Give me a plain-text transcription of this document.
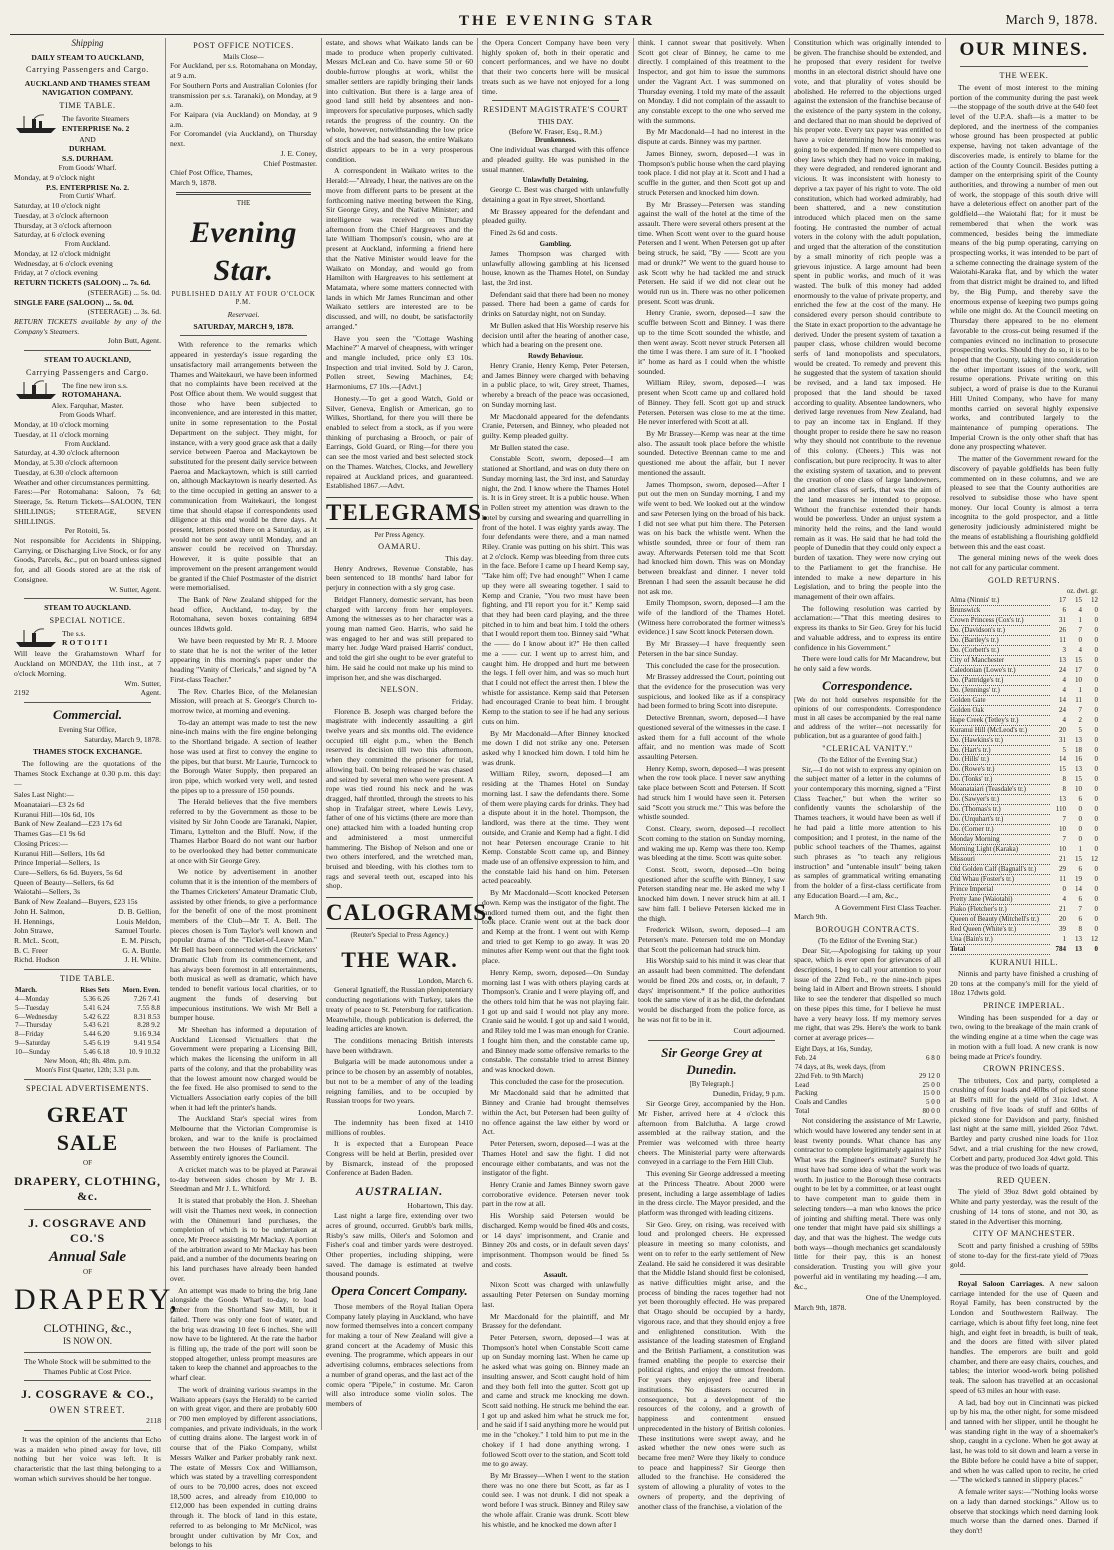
THE EVENING STAR	March 9, 1878.
Shipping
DAILY STEAM TO AUCKLAND,
Carrying Passengers and Cargo.
AUCKLAND AND THAMES STEAM NAVIGATION COMPANY.
TIME TABLE.
The favorite Steamers
ENTERPRISE No. 2
AND
DURHAM.
S.S. DURHAM.
From Goods' Wharf.
Monday, at 9 o'clock night
P.S. ENTERPRISE No. 2.
From Curtis' Wharf.
Saturday, at 10 o'clock night
Tuesday, at 3 o'clock afternoon
Thursday, at 3 o'clock afternoon
Saturday, at 6 o'clock evening
From Auckland.
Monday, at 12 o'clock midnight
Wednesday, at 6 o'clock evening
Friday, at 7 o'clock evening
RETURN TICKETS (SALOON) ... 7s. 6d.
(STEERAGE) ... 5s. 0d.
SINGLE FARE (SALOON) ... 5s. 0d.
(STEERAGE) ... 3s. 6d.
RETURN TICKETS available by any of the Company's Steamers.
John Butt, Agent.
STEAM TO AUCKLAND,
Carrying Passengers and Cargo.
The fine new iron s.s.
ROTOMAHANA.
Alex. Farquhar, Master.
From Goods Wharf.
Monday, at 10 o'clock morning
Tuesday, at 11 o'clock morning
From Auckland.
Saturday, at 4.30 o'clock afternoon
Monday, at 5.30 o'clock afternoon
Tuesday, at 6.30 o'clock afternoon
Weather and other circumstances permitting.
Fares:—Per Rotomahana: Saloon, 7s 6d; Steerage, 5s. Return Tickets—SALOON, TEN SHILLINGS; STEERAGE, SEVEN SHILLINGS.
Per Rotoiti, 5s.
Not responsible for Accidents in Shipping, Carrying, or Discharging Live Stock, or for any Goods, Parcels, &c., put on board unless signed for, and all Goods stored are at the risk of Consignee.
W. Sutter, Agent.
STEAM TO AUCKLAND.
SPECIAL NOTICE.
The s.s.
ROTOITI
Will leave the Grahamstown Wharf for Auckland on MONDAY, the 11th inst., at 7 o'clock Morning.
Wm. Sutter,
2192	Agent.
Commercial.
Evening Star Office,
Saturday, March 9, 1878.
THAMES STOCK EXCHANGE.

The following are the quotations of the Thames Stock Exchange at 0.30 p.m. this day:—

Sales Last Night:—
Moanataiari—£3 2s 6d
Kuranui Hill—10s 6d, 10s
Bank of New Zealand—£23 17s 6d
Thames Gas—£1 9s 6d
Closing Prices:—
Kuranui Hill—Sellers, 10s 6d
Prince Imperial—Sellers, 1s
Cure—Sellers, 6s 6d. Buyers, 5s 6d
Queen of Beauty—Sellers, 6s 6d
Waiotahi—Sellers, 3s
Bank of New Zealand—Buyers, £23 15s
John H. Salmon,	D. B. Gellion,
H. Hennings,	Louis Meldon,
John Strawe,	Samuel Tourle.
R. McL. Scott,	E. M. Pirsch,
B. C. Freer	G. A. Buttle.
Richd. Hudson	J. H. White.
TIDE TABLE.
March.	Rises Sets	Morn. Even.
4—Monday	5.36 6.26	7.26 7.41
5—Tuesday	5.41 6.24	7.55 8.8
6—Wednesday	5.42 6.22	8.31 8.53
7—Thursday	5.43 6.21	8.28 9.2
8—Friday	5.44 6.20	9.16 9.34
9—Saturday	5.45 6.19	9.41 9.54
10—Sunday	5.46 6.18	10. 9 10.32
New Moon, 4th; 8h. 48m. p.m.
Moon's First Quarter, 12th; 3.31 p.m.
SPECIAL ADVERTISEMENTS.
GREAT SALE
OF
DRAPERY, CLOTHING, &c.
J. COSGRAVE AND CO.'S
Annual Sale
OF
DRAPERY,
CLOTHING, &c.,
IS NOW ON.
The Whole Stock will be submitted to the Thames Public at Cost Price.
J. COSGRAVE & CO.,
OWEN STREET.
2118

It was the opinion of the ancients that Echo was a maiden who pined away for love, till nothing but her voice was left. It is characteristic that the last thing belonging to a woman which survives should be her tongue.

POST OFFICE NOTICES.
Mails Close—
For Auckland, per s.s. Rotomahana on Monday, at 9 a.m.
For Southern Ports and Australian Colonies (for transmission per s.s. Taranaki), on Monday, at 9 a.m.
For Kaipara (via Auckland) on Monday, at 9 a.m.
For Coromandel (via Auckland), on Thursday next.
J. E. Coney,
Chief Postmaster.
Chief Post Office, Thames,
March 9, 1878.
THE
Evening Star.
PUBLISHED DAILY AT FOUR O'CLOCK P.M.
Reservaei.
SATURDAY, MARCH 9, 1878.

With reference to the remarks which appeared in yesterday's issue regarding the unsatisfactory mail arrangements between the Thames and Waitekauri, we have been informed that no complaints have been received at the Post Office about them. We would suggest that those who have been subjected to inconvenience, and are interested in this matter, unite in some representation to the Postal Department on the subject. They might, for instance, with a very good grace ask that a daily service between Paeroa and Mackaytown be substituted for the present daily service between Paeroa and Mackaytown, which is still carried on, although Mackaytown is nearly deserted. As to the time occupied in getting an answer to a communication from Waitekauri, the longest time that should elapse if correspondents used diligence at this end would be three days. At present, letters posted there on a Saturday, as it would not be sent away until Monday, and an answer could be received on Thursday. However, it is quite possible that an improvement on the present arrangement would be granted if the Chief Postmaster of the district were memorialised.

The Bank of New Zealand shipped for the head office, Auckland, to-day, by the Rotomahana, seven boxes containing 6894 ounces 18dwts gold.

We have been requested by Mr R. J. Moore to state that he is not the writer of the letter appearing in this morning's paper under the heading "Vanity of Clericals," and signed by "A First-class Teacher."

The Rev. Charles Bice, of the Melanesian Mission, will preach at S. George's Church to-morrow twice, at morning and evening.

To-day an attempt was made to test the new nine-inch mains with the fire engine belonging to the Shortland brigade. A section of leather hose was used at first to convey the engine to the pipes, but that burst. Mr Laurie, Turncock to the Borough Water Supply, then prepared an iron pipe, which worked very well, and tested the pipes up to a pressure of 150 pounds.

The Herald believes that the five members referred to by the Government as those to be visited by Sir John Coode are Taranaki, Napier, Timaru, Lyttelton and the Bluff. Now, if the Thames Harbor Board do not want our harbor to be overlooked they had better communicate at once with Sir George Grey.

We notice by advertisement in another column that it is the intention of the members of the Thames Cricketers' Amateur Dramatic Club, assisted by other friends, to give a performance for the benefit of one of the most prominent members of the Club—Mr T. A. Bell. The pieces chosen is Tom Taylor's well known and popular drama of the "Ticket-of-Leave Man." Mr Bell has been connected with the Cricketers' Dramatic Club from its commencement, and has always been foremost in all entertainments, both musical as well as dramatic, which have tended to benefit various local charities, or to augment the funds of deserving but impecunious institutions. We wish Mr Bell a bumper house.

Mr Sheehan has informed a deputation of Auckland Licensed Victuallers that the Government were preparing a Licensing Bill, which makes the licensing the uniform in all parts of the colony, and that the probability was that the lowest amount now charged would be the fee fixed. He also promised to send to the Victuallers Association early copies of the bill when it had left the printer's hands.

The Auckland Star's special wires from Melbourne that the Victorian Compromise is broken, and war to the knife is proclaimed between the two Houses of Parliament. The Assembly entirely ignores the Council.

A cricket match was to be played at Parawai to-day between sides chosen by Mr J. B. Steedman and Mr J. L. Whitford.

It is stated that probably the Hon. J. Sheehan will visit the Thames next week, in connection with the Ohinemuri land purchases, the completion of which is to be undertaken at once, Mr Preece assisting Mr Mackay. A portion of the arbitration award to Mr Mackay has been paid, and a number of the documents bearing on his land purchases have already been handed over.

An attempt was made to bring the brig Jane alongside the Goods Wharf to-day, to load timber from the Shortland Saw Mill, but it failed. There was only one foot of water, and the brig was drawing 10 feet 6 inches. She will now have to be lightered. At the rate the harbor is filling up, the trade of the port will soon be stopped altogether, unless prompt measures are taken to keep the channel and approaches to the wharf clear.

The work of draining various swamps in the Waikato appears (says the Herald) to be carried on with great vigor, and there are probably 600 or 700 men employed by different associations, companies, and private individuals, in the work of cutting drains alone. The largest work in of course that of the Piako Company, whilst Messrs Walker and Parker probably rank next. The estate of Messrs Cox and Williamson, which was stated by a travelling correspondent of ours to be 70,000 acres, does not exceed 18,500 acres, and already from £10,000 to £12,000 has been expended in cutting drains through it. The block of land in this estate, referred to as belonging to Mr McNicol, was brought under cultivation by Mr Cox, and belongs to his

estate, and shows what Waikato lands can be made to produce when properly cultivated. Messrs McLean and Co. have some 50 or 60 double-furrow ploughs at work, whilst the smaller settlers are rapidly bringing their lands into cultivation. But there is a large area of good land still held by absentees and non-improvers for speculative purposes, which sadly retards the progress of the country. On the whole, however, notwithstanding the low price of stock and the bad season, the entire Waikato district appears to be in a very prosperous condition.

A correspondent in Waikato writes to the Herald:—"Already, I hear, the natives are on the move from different parts to be present at the forthcoming native meeting between the King, Sir George Grey, and the Native Minister; and intelligence was received on Thursday afternoon from the Chief Hargreaves and the late William Thompson's cousin, who are at present at Auckland, informing a friend here that the Native Minister would leave for the Waikato on Monday, and would go from Hamilton with Hargreaves to his settlement at Matamata, where some matters connected with lands in which Mr James Runciman and other Waikato settlers are interested are to be discussed, and will, no doubt, be satisfactorily arranged."

Have you seen the "Cottage Washing Machine?" A marvel of cheapness, with wringer and mangle included, price only £3 10s. Inspection and trial invited. Sold by J. Caron, Pollen street, Sewing Machines, £4; Harmoniums, £7 10s.—[Advt.]

Honesty.—To get a good Watch, Gold or Silver, Geneva, English or American, go to Wilkes, Shortland, for there you will there be enabled to select from a stock, as if you were thinking of purchasing a Brooch, or pair of Earrings, Gold Guard, or Ring—for there you can see the most varied and best selected stock on the Thames. Watches, Clocks, and Jewellery repaired at Auckland prices, and guaranteed. Established 1867.—Advt.

TELEGRAMS.
Per Press Agency.
OAMARU.
This day.

Henry Andrews, Revenue Constable, has been sentenced to 18 months' hard labor for perjury in connection with a sly grog case.

Bridget Flannery, domestic servant, has been charged with larceny from her employers. Among the witnesses as to her character was a young man named Geo. Harris, who said he was engaged to her and was still prepared to marry her. Judge Ward praised Harris' conduct, and told the girl she ought to be ever grateful to him. He said he could not make up his mind to imprison her, and she was discharged.

NELSON.
Friday.

Florence B. Joseph was charged before the magistrate with indecently assaulting a girl twelve years and six months old. The evidence occupied till eight p.m., when the Bench reserved its decision till two this afternoon, when they committed the prisoner for trial, allowing bail. On being released he was chased and seized by several men who were present. A rope was tied round his neck and he was dragged, half throttled, through the streets to his shop in Trafalgar street, where Lewis Levy, father of one of his victims (there are more than one) attacked him with a loaded hunting crop and administered a most unmerciful hammering. The Bishop of Nelson and one or two others interfered, and the wretched man, bruised and bleeding, with his clothes torn to rags and several teeth out, escaped into his shop.

CALOGRAMS.
(Reuter's Special to Press Agency.)
THE WAR.
London, March 6.

General Ignatieff, the Russian plenipotentiary conducting negotiations with Turkey, takes the treaty of peace to St. Petersburg for ratification. Meanwhile, though publication is deferred, the leading articles are known.

The conditions menacing British interests have been withdrawn.

Bulgaria will be made autonomous under a prince to be chosen by an assembly of notables, but not to be a member of any of the leading reigning families, and to be occupied by Russian troops for two years.

London, March 7.

The indemnity has been fixed at 1410 millions of roubles.

It is expected that a European Peace Congress will be held at Berlin, presided over by Bismarck, instead of the proposed Conference at Baden Baden.

AUSTRALIAN.
Hobartown, This day.

Last night a large fire, extending over two acres of ground, occurred. Grubb's bark mills, Risby's saw mills, Oiler's and Solomon and Fisher's coal and timber yards were destroyed. Other properties, including shipping, were saved. The damage is estimated at twelve thousand pounds.

Opera Concert Company.

Those members of the Royal Italian Opera Company lately playing in Auckland, who have now formed themselves into a concert company for making a tour of New Zealand will give a grand concert at the Academy of Music this evening. The programme, which appears in our advertising columns, embraces selections from a number of grand operas, and the last act of the comic opera "Pipele," in costume. Mr. Caron will also introduce some violin solos. The members of

the Opera Concert Company have been very highly spoken of, both in their operatic and concert performances, and we have no doubt that their two concerts here will be musical treats such as we have not enjoyed for a long time.

RESIDENT MAGISTRATE'S COURT
THIS DAY.
(Before W. Fraser, Esq., R.M.)
Drunkenness.

One individual was charged with this offence and pleaded guilty. He was punished in the usual manner.

Unlawfully Detaining.

George C. Best was charged with unlawfully detaining a goat in Rye street, Shortland.

Mr Brassey appeared for the defendant and pleaded guilty.

Fined 2s 6d and costs.

Gambling.

James Thompson was charged with unlawfully allowing gambling at his licensed house, known as the Thames Hotel, on Sunday last, the 3rd inst.

Defendant said that there had been no money passed. There had been a game of cards for drinks on Saturday night, not on Sunday.

Mr Bullen asked that His Worship reserve his decision until after the hearing of another case, which had a bearing on the present one.

Rowdy Behaviour.

Henry Cranie, Henry Kemp, Peter Petersen, and James Binney were charged with behaving in a public place, to wit, Grey street, Thames, whereby a breach of the peace was occasioned, on Sunday morning last.

Mr Macdonald appeared for the defendants Cranie, Petersen, and Binney, who pleaded not guilty. Kemp pleaded guilty.

Mr Bullen stated the case.

Constable Scott, sworn, deposed—I am stationed at Shortland, and was on duty there on Sunday morning last, the 3rd inst, and Saturday night, the 2nd. I know where the Thames Hotel is. It is in Grey street. It is a public house. When in Pollen street my attention was drawn to the hotel by cursing and swearing and quarrelling in front of the hotel. I was eighty yards away. The four defendants were there, and a man named Riley. Cranie was putting on his shirt. This was at 2 o'clock. Kemp was bleeding from three cuts in the face. Before I came up I heard Kemp say, "Take him off; I've had enough!" When I came up they were all swearing together. I said to Kemp and Cranie, "You two must have been fighting, and I'll report you for it." Kemp said that they had been card playing, and the three pitched in to him and beat him. I told the others that I would report them too. Binney said "What the —— do I know about it?" He then called me a —— cur. I went up to arrest him, and caught him. He dropped and hurt me between the legs. I fell over him, and was so much hurt that I could not effect the arrest then. I blew the whistle for assistance. Kemp said that Petersen had encouraged Cranie to beat him. I brought Kemp to the station to see if he had any serious cuts on him.

By Mr Macdonald—After Binney knocked me down I did not strike any one. Petersen asked why I knocked him down. I told him he was drunk.

William Riley, sworn, deposed—I am residing at the Thames Hotel on Sunday morning last. I saw the defendants there. Some of them were playing cards for drinks. They had a dispute about it in the hotel. Thompson, the landlord, was there at the time. They went outside, and Cranie and Kemp had a fight. I did not hear Petersen encourage Cranie to hit Kemp. Constable Scott came up, and Binney made use of an offensive expression to him, and the constable laid his hand on him. Petersen acted peaceably.

By Mr Macdonald—Scott knocked Petersen down. Kemp was the instigator of the fight. The landlord turned them out, and the fight then took place. Cranie went out at the back door and Kemp at the front. I went out with Kemp and tried to get Kemp to go away. It was 20 minutes after Kemp went out that the fight took place.

Henry Kemp, sworn, deposed—On Sunday morning last I was with others playing cards at Thompson's. Cranie and I were playing off, and the others told him that he was not playing fair. I got up and said I would not play any more. Cranie said he would. I got up and said I would, and Riley told me I was man enough for Cranie. I fought him then, and the constable came up, and Binney made some offensive remarks to the constable. The constable tried to arrest Binney and was knocked down.

This concluded the case for the prosecution.

Mr Macdonald said that he admitted that Binney and Cranie had brought themselves within the Act, but Petersen had been guilty of no offence against the law either by word or Act.

Peter Petersen, sworn, deposed—I was at the Thames Hotel and saw the fight. I did not encourage either combatants, and was not the instigator of the fight.

Henry Cranie and James Binney sworn gave corroborative evidence. Petersen never took part in the row at all.

His Worship said Petersen would be discharged. Kemp would be fined 40s and costs, or 14 days' imprisonment, and Cranie and Binney 20s and costs, or in default seven days' imprisonment. Thompson would be fined 5s and costs.

Assault.

Nixon Scott was charged with unlawfully assaulting Peter Petersen on Sunday morning last.

Mr Macdonald for the plaintiff, and Mr Brassey for the defendant.

Peter Petersen, sworn, deposed—I was at Thompson's hotel when Constable Scott came up on Sunday morning last. When he came up he asked what was going on. Binney made an insulting answer, and Scott caught hold of him and they both fell into the gutter. Scott got up and came and struck me knocking me down. Scott said nothing. He struck me behind the ear. I got up and asked him what he struck me for, and he said if I said anything more he would put me in the "chokey." I told him to put me in the chokey if I had done anything wrong. I followed Scott over to the station, and Scott told me to go away.

By Mr Brassey—When I went to the station there was no one there but Scott, as far as I could see. I was not drunk. I did not speak a word before I was struck. Binney and Riley saw the whole affair. Cranie was drunk. Scott blew his whistle, and he knocked me down after I

think. I cannot swear that positively. When Scott got clear of Binney, he came to me directly. I complained of this treatment to the Inspector, and got him to issue the summons under the Vagrant Act. I was summoned on Thursday evening. I told my mate of the assault on Monday. I did not complain of the assault to any constable except to the one who served me with the summons.

By Mr Macdonald—I had no interest in the dispute at cards. Binney was my partner.

James Binney, sworn, deposed—I was in Thompson's public house when the card playing took place. I did not play at it. Scott and I had a scuffle in the gutter, and then Scott got up and struck Petersen and knocked him down.

By Mr Brassey—Petersen was standing against the wall of the hotel at the time of the assault. There were several others present at the time. When Scott went over to the guard house Petersen and I went. When Petersen got up after being struck, he said, "By —— Scott are you mad or drunk?" We went to the guard house to ask Scott why he had tackled me and struck Petersen. He said if we did not clear out he would run us in. There was no other policemen present. Scott was drunk.

Henry Cranie, sworn, deposed—I saw the scuffle between Scott and Binney. I was there up to the time Scott sounded the whistle, and then went away. Scott never struck Petersen all the time I was there. I am sure of it. I "hooked it" home as hard as I could when the whistle sounded.

William Riley, sworn, deposed—I was present when Scott came up and collared hold of Binney. They fell. Scott got up and struck Petersen. Petersen was close to me at the time. He never interfered with Scott at all.

By Mr Brassey—Kemp was near at the time also. The assault took place before the whistle sounded. Detective Brennan came to me and questioned me about the affair, but I never mentioned the assault.

James Thompson, sworn, deposed—After I put out the men on Sunday morning, I and my wife went to bed. We looked out at the window and saw Petersen lying on the broad of his back. I did not see what put him there. The Petersen was on his back the whistle went. When the whistle sounded, three or four of them ran away. Afterwards Petersen told me that Scott had knocked him down. This was on Monday between breakfast and dinner. I never told Brennan I had seen the assault because he did not ask me.

Emily Thompson, sworn, deposed—I am the wife of the landlord of the Thames Hotel. (Witness here corroborated the former witness's evidence.) I saw Scott knock Petersen down.

By Mr Brassey—I have frequently seen Petersen in the bar since Sunday.

This concluded the case for the prosecution.

Mr Brassey addressed the Court, pointing out that the evidence for the prosecution was very suspicious, and looked like as if a conspiracy had been formed to bring Scott into disrepute.

Detective Brennan, sworn, deposed—I have questioned several of the witnesses in the case. I asked them for a full account of the whole affair, and no mention was made of Scott assaulting Petersen.

Henry Kemp, sworn, deposed—I was present when the row took place. I never saw anything take place between Scott and Petersen. If Scott had struck him I would have seen it. Petersen said "Scott you struck me." This was before the whistle sounded.

Const. Cleary, sworn, deposed—I recollect Scott coming to the station on Sunday morning, and waking me up. Kemp was there too. Kemp was bleeding at the time. Scott was quite sober.

Const. Scott, sworn, deposed—On being questioned after the scuffle with Binney, I saw Petersen standing near me. He asked me why I knocked him down. I never struck him at all. I saw him fall. I believe Petersen kicked me in the thigh.

Frederick Wilson, sworn, deposed—I am Petersen's mate. Petersen told me on Monday that Scott the policeman had struck him.

His Worship said to his mind it was clear that an assault had been committed. The defendant would be fined 20s and costs, or, in default, 7 days' imprisonment.* If the police authorities took the same view of it as he did, the defendant would be discharged from the police force, as he was not fit to be in it.

Court adjourned.
Sir George Grey at Dunedin.
[By Telegraph.]
Dunedin, Friday, 9 p.m.

Sir George Grey, accompanied by the Hon. Mr Fisher, arrived here at 4 o'clock this afternoon from Balclutha. A large crowd assembled at the railway station, and the Premier was welcomed with three hearty cheers. The Ministerial party were afterwards conveyed in a carriage to the Fern Hill Club.

This evening Sir George addressed a meeting at the Princess Theatre. About 2000 were present, including a large assemblage of ladies in the dress circle. The Mayor presided, and the platform was thronged with leading citizens.

Sir Geo. Grey, on rising, was received with loud and prolonged cheers. He expressed pleasure in meeting so many colonists, and went on to refer to the early settlement of New Zealand. He said he considered it was desirable that the Middle Island should first be colonised, as native difficulties might arise, and the process of binding the races together had not yet been thoroughly effected. He was prepared that Otago should be occupied by a hardy, vigorous race, and that they should enjoy a free and enlightened constitution. With the assistance of the leading statesmen of England and the British Parliament, a constitution was framed enabling the people to exercise their political rights, and enjoy the utmost freedom. For years they enjoyed free and liberal institutions. No disasters occurred in consequence, but a development of the resources of the colony, and a growth of happiness and contentment ensued unprecedented in the history of British colonies. These institutions were swept away, and he asked whether the new ones were such as became free men? Were they likely to conduce to peace and happiness? Sir George then alluded to the franchise. He considered the system of allowing a plurality of votes to the owners of property, and the depriving of another class of the franchise, a violation of the

Constitution which was originally intended to be given. The franchise should be extended, and he proposed that every resident for twelve months in an electoral district should have one vote, and that plurality of votes should be abolished. He referred to the objections urged against the extension of the franchise because of the existence of the party system in the colony, and declared that no man should be deprived of his proper vote. Every tax payer was entitled to have a voice determining how his money was going to be expended. If men were compelled to obey laws which they had no voice in making, they were degraded, and rendered ignorant and vicious. It was inconsistent with honesty to deprive a tax payer of his right to vote. The old constitution, which had worked admirably, had been shattered, and a new constitution introduced which placed men on the same footing. He contrasted the number of actual voters in the colony with the adult population, and urged that the alteration of the constitution by a small minority of rich people was a grievous injustice. A large amount had been spent in public works, and much of it was wasted. The bulk of this money had added enormously to the value of private property, and enriched the few at the cost of the many. He considered every person should contribute to the State in exact proportion to the advantage he derived. Under the present system of taxation a pauper class, whose children would become serfs of land monopolists and speculators, would be created. To remedy and prevent this he suggested that the system of taxation should be revised, and a land tax imposed. He proposed that the land should be taxed according to quality. Absentee landowners, who derived large revenues from New Zealand, had to pay an income tax in England. If they thought proper to reside there he saw no reason why they should not contribute to the revenue of this colony. (Cheers.) This was not confiscation, but pure reciprocity. It was to alter the existing system of taxation, and to prevent the creation of one class of large landowners, and another class of serfs, that was the aim of the land measures he intended to propose. Without the franchise extended their hands would be powerless. Under an unjust system a minority held the reins, and the land would remain as it was. He said that he had told the people of Dunedin that they could only expect a burden of taxation. They were now crying out to the Parliament to get the franchise. He intended to make a new departure in his Legislation, and to bring the people into the management of their own affairs.

The following resolution was carried by acclamation:—"That this meeting desires to express its thanks to Sir Geo. Grey for his lucid and valuable address, and to express its entire confidence in his Government."

There were loud calls for Mr Macandrew, but he only said a few words.

Correspondence.

[We do not hold ourselves responsible for the opinions of our correspondents. Correspondence must in all cases be accompanied by the real name and address of the writer—not necessarily for publication, but as a guarantee of good faith.]

"CLERICAL VANITY."
(To the Editor of the Evening Star.)

Sir,—I do not wish to express any opinion on the subject matter of a letter in the columns of your contemporary this morning, signed a "First Class Teacher," but when the writer so confidently vaunts the scholarship of the Thames teachers, it would have been as well if he had paid a little more attention to his composition; and I protest, in the name of the public school teachers of the Thames, against such phrases as "to teach any religious instruction" and "untenable insult" being taken as samples of grammatical writing emanating from the holder of a first-class certificate from any Education Board.—I am, &c.,

A Government First Class Teacher.
March 9th.
BOROUGH CONTRACTS.
(To the Editor of the Evening Star.)

Dear Sir,—Apologising for taking up your space, which is ever open for grievances of all descriptions, I beg to call your attention to your issue of the 22nd Feb., re the nine-inch pipes being laid in Albert and Brown streets. I should like to see the tenderer that dispelled so much on these pipes this time, for I believe he must have a very heavy loss. If my memory serves me right, that was 29s. Here's the work to bank corner at average prices—

Eight Days, at 16s, Sunday,	
Feb. 24	6 8 0
74 days, at 8s, week days, (from	
22nd Feb. to 9th March)	29 12 0
Lead	25 0 0
Packing	15 0 0
Coals and Candles	5 0 0
Total	80 0 0

Not considering the assistance of Mr Lawrie, which would have lowered any tender sent in at least twenty pounds. What chance has any contractor to complete legitimately against this? What was the Engineer's estimate? Surely he must have had some idea of what the work was worth. In justice to the Borough these contracts ought to be let by a committee, or at least ought to have competent man to guide them in selecting tenders—a man who knows the price of jointing and shifting metal. There was only one tender that might have paid six shillings a day, and that was the highest. The wedge cuts both ways—though mechanics get scandalously little for their pay, this is an honest consideration. Trusting you will give your powerful aid in ventilating my heading.—I am, &c.,

One of the Unemployed.
March 9th, 1878.
OUR MINES.
THE WEEK.

The event of most interest to the mining portion of the community during the past week—the stoppage of the south drive at the 640 feet level of the U.P.A. shaft—is a matter to be deplored, and the inertness of the companies whose ground has been prospected at public expense, having not taken advantage of the discoveries made, is entirely to blame for the action of the County Council. Besides putting a damper on the enterprising spirit of the County authorities, and throwing a number of men out of work, the stoppage of this south drive will have a deleterious effect on another part of the goldfield—the Waiotahi flat; for it must be remembered that when the work was commenced, besides being the immediate means of the big pump operating, carrying on prospecting works, it was intended to be part of a scheme connecting the drainage system of the Waiotahi-Karaka flat, and by which the water from that district might be drained to, and lifted by, the Big Pump, and thereby save the enormous expense of keeping two pumps going while one might do. At the Council meeting on Thursday there appeared to be no element favorable to the cross-cut being resumed if the companies evinced no inclination to prosecute prospecting works. Should they do so, it is to be hoped that the County, taking into consideration the other important issues of the work, will resume operations. Private writing on this subject, a word of praise is due to the Kuranui Hill United Company, who have for many months carried on several highly expensive works, and contributed largely to the maintenance of pumping operations. The Imperial Crown is the only other shaft that has done any prospecting whatever.

The matter of the Government reward for the discovery of payable goldfields has been fully commented on in these columns, and we are pleased to see that the County authorities are resolved to subsidise those who have spent money. Our local County is almost a terra incognita to the gold prospector, and a little generosity judiciously administered might be the means of establishing a flourishing goldfield between this and the east coast.

The general mining news of the week does not call for any particular comment.

GOLD RETURNS.
oz. dwt. gr.
Alma (Ninnis' tr.)	17	15	12
Brunswick	6	4	0
Crown Princess (Cox's tr.)	31	1	0
Do. (Davidson's tr.)	26	7	0
Do. (Bartley's tr.)	11	0	0
Do. (Corbett's tr.)	3	4	0
City of Manchester	13	15	0
Caledonian (Lowe's tr.)	24	17	0
Do. (Pattridge's tr.)	4	10	0
Do. (Jennings' tr.)	4	1	0
Golden Gate	14	11	0
Golden Oak	24	7	0
Hape Creek (Tetley's tr.)	4	2	0
Kuranui Hill (McLeod's tr.)	20	5	0
Do. (Hawkins's tr.)	31	13	0
Do. (Hart's tr.)	5	18	0
Do. (Hills' tr.)	14	16	0
Do. (Rowe's tr.)	15	13	0
Do. (Tonks' tr.)	8	15	0
Moanataiari (Teasdale's tr.)	8	10	0
Do. (Sawyer's tr.)	13	6	0
Do. (Thomas's tr.)	110	0	0
Do. (Urquhart's tr.)	7	0	0
Do. (Corner tr.)	10	0	0
Monday Morning	7	0	0
Morning Light (Karaka)	10	1	0
Missouri	21	15	12
Old Golden Calf (Bagnall's tr.)	29	6	0
Old Whau (Foster's tr.)	11	19	0
Prince Imperial	0	14	0
Pretty Jane (Waiotahi)	4	6	0
Piako (Fletcher's tr.)	21	7	0
Queen of Beauty (Mitchell's tr.)	20	6	0
Red Queen (White's tr.)	39	8	0
Una (Bain's tr.)	1	13	12
Total	784	13	0
KURANUI HILL.

Ninnis and party have finished a crushing of 20 tons at the company's mill for the yield of 18oz 17dwts gold.

PRINCE IMPERIAL.

Winding has been suspended for a day or two, owing to the breakage of the main crank of the winding engine at a time when the cage was in motion with a full load. A new crank is now being made at Price's foundry.

CROWN PRINCESS.

The tributers, Cox and party, completed a crushing of four loads and 40lbs of picked stone at Bell's mill for the yield of 31oz 1dwt. A crushing of five loads of stuff and 60lbs of picked stone for Davidson and party, finished last night at the same mill, yielded 26oz 7dwt. Bartley and party crushed nine loads for 11oz 5dwt, and a trial crushing for the new crowd, Corbett and party, produced 3oz 4dwt gold. This was the produce of two loads of quartz.

RED QUEEN.

The yield of 39oz 8dwt gold obtained by White and party yesterday, was the result of the crushing of 14 tons of stone, and not 30, as stated in the Advertiser this morning.

CITY OF MANCHESTER.

Scott and party finished a crushing of 59lbs of stone to-day for the first-rate yield of 79ozs gold.

Royal Saloon Carriages. A new saloon carriage intended for the use of Queen and Royal Family, has been constructed by the London and Southwestern Railway. The carriage, which is about fifty feet long, nine feet high, and eight feet in breadth, is built of teak, and the doors are fitted with silver plated handles. The emperors are built and gold chamber, and there are easy chairs, couches, and tables; the interior wood-work being polished teak. The saloon has travelled at an occasional speed of 63 miles an hour with ease.

A lad, bad boy out in Cincinnati was picked up by his ma, the other night, for some misdeed and tanned with her slipper, until he thought he was standing right in the way of a shoemaker's shop, caught in a cyclone. When he got away at last, he was told to sit down and learn a verse in the Bible before he could have a bite of supper, and when he was called upon to recite, he cried—"The wicked's tanned in slippery places."

A female writer says:—"Nothing looks worse on a lady than darned stockings." Allow us to observe that stockings which need darning look much worse than the darned ones. Darned if they don't!
